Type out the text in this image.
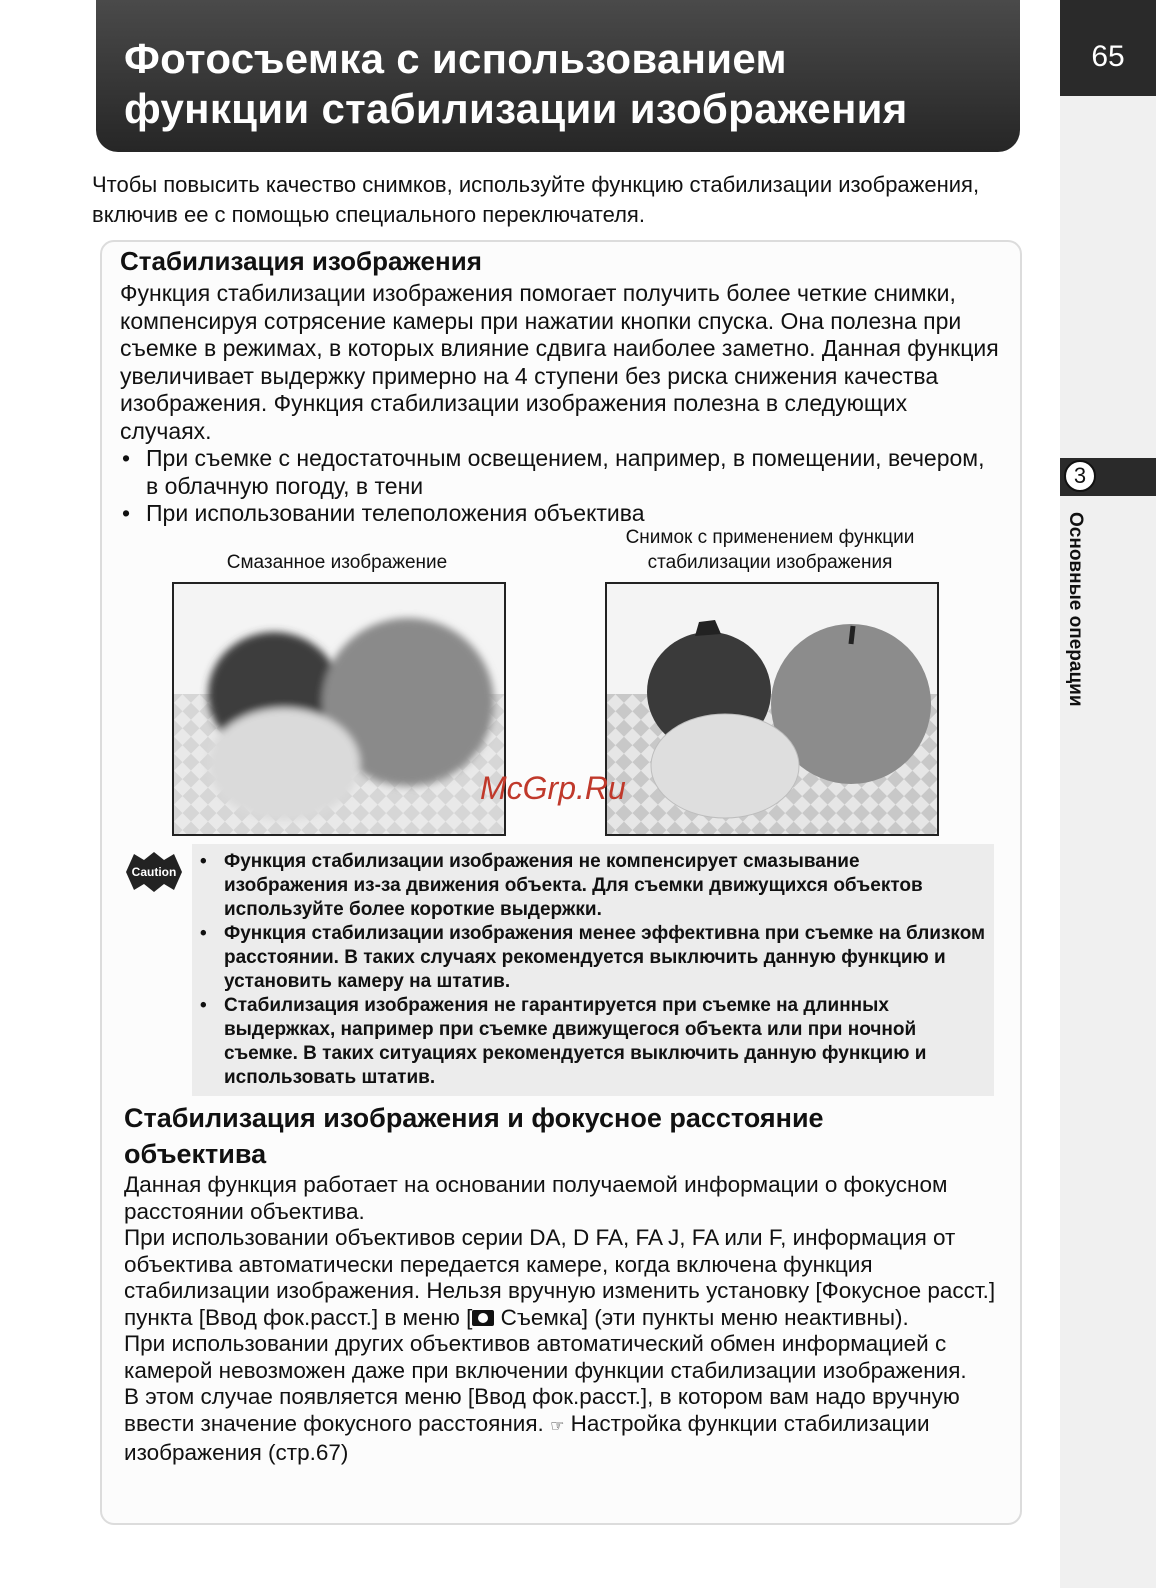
65
3
Основные операции
Фотосъемка с использованием
функции стабилизации изображения
Чтобы повысить качество снимков, используйте функцию стабилизации изображения, включив ее с помощью специального переключателя.
Стабилизация изображения

Функция стабилизации изображения помогает получить более четкие снимки, компенсируя сотрясение камеры при нажатии кнопки спуска. Она полезна при съемке в режимах, в которых влияние сдвига наиболее заметно. Данная функция увеличивает выдержку примерно на 4 ступени без риска снижения качества изображения. Функция стабилизации изображения полезна в следующих случаях.

• При съемке с недостаточным освещением, например, в помещении, вечером, в облачную погоду, в тени
• При использовании телеположения объектива
Смазанное изображение
Снимок с применением функции
стабилизации изображения
McGrp.Ru
Caution
•	Функция стабилизации изображения не компенсирует смазывание изображения из-за движения объекта. Для съемки движущихся объектов используйте более короткие выдержки.
• Функция стабилизации изображения менее эффективна при съемке на близком расстоянии. В таких случаях рекомендуется выключить данную функцию и установить камеру на штатив.
• Стабилизация изображения не гарантируется при съемке на длинных выдержках, например при съемке движущегося объекта или при ночной съемке. В таких ситуациях рекомендуется выключить данную функцию и использовать штатив.
Стабилизация изображения и фокусное расстояние
объектива

Данная функция работает на основании получаемой информации о фокусном расстоянии объектива.

При использовании объективов серии DA, D FA, FA J, FA или F, информация от объектива автоматически передается камере, когда включена функция стабилизации изображения. Нельзя вручную изменить установку [Фокусное расст.] пункта [Ввод фок.расст.] в меню [
Съемка] (эти пункты меню неактивны).

При использовании других объективов автоматический обмен информацией с камерой невозможен даже при включении функции стабилизации изображения.

В этом случае появляется меню [Ввод фок.расст.], в котором вам надо вручную ввести значение фокусного расстояния. ☞ Настройка функции стабилизации изображения (стр.67)
